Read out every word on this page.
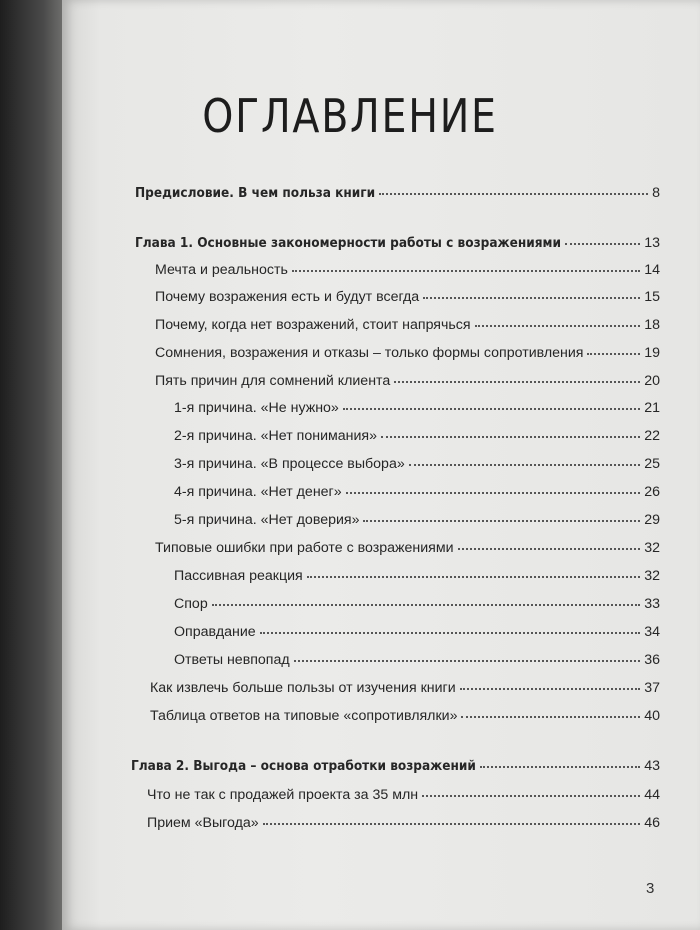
ОГЛАВЛЕНИЕ
Предисловие. В чем польза книги	8
Глава 1. Основные закономерности работы с возражениями	13
Мечта и реальность	14
Почему возражения есть и будут всегда	15
Почему, когда нет возражений, стоит напрячься	18
Сомнения, возражения и отказы – только формы сопротивления	19
Пять причин для сомнений клиента	20
1-я причина. «Не нужно»	21
2-я причина. «Нет понимания»	22
3-я причина. «В процессе выбора»	25
4-я причина. «Нет денег»	26
5-я причина. «Нет доверия»	29
Типовые ошибки при работе с возражениями	32
Пассивная реакция	32
Спор	33
Оправдание	34
Ответы невпопад	36
Как извлечь больше пользы от изучения книги	37
Таблица ответов на типовые «сопротивлялки»	40
Глава 2. Выгода – основа отработки возражений	43
Что не так с продажей проекта за 35 млн	44
Прием «Выгода»	46
3
